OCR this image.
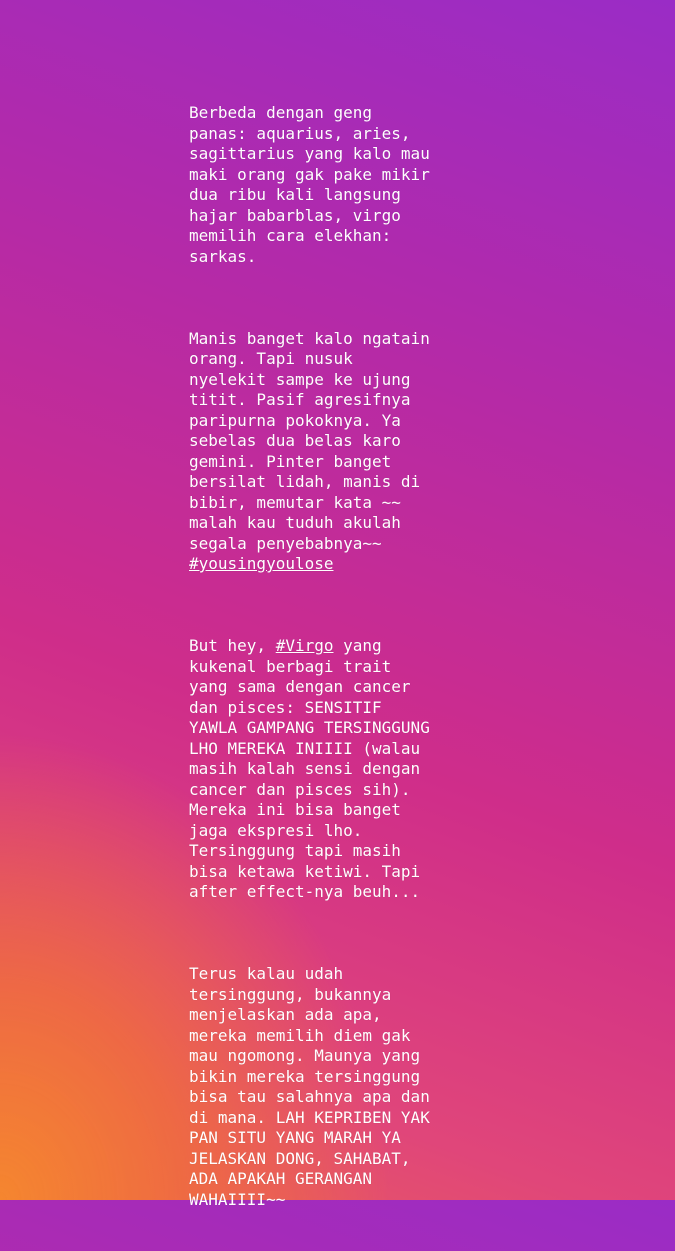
Berbeda dengan geng
panas: aquarius, aries,
sagittarius yang kalo mau
maki orang gak pake mikir
dua ribu kali langsung
hajar babarblas, virgo
memilih cara elekhan:
sarkas.

Manis banget kalo ngatain
orang. Tapi nusuk
nyelekit sampe ke ujung
titit. Pasif agresifnya
paripurna pokoknya. Ya
sebelas dua belas karo
gemini. Pinter banget
bersilat lidah, manis di
bibir, memutar kata ~~
malah kau tuduh akulah
segala penyebabnya~~
#yousingyoulose

But hey, #Virgo yang
kukenal berbagi trait
yang sama dengan cancer
dan pisces: SENSITIF
YAWLA GAMPANG TERSINGGUNG
LHO MEREKA INIIII (walau
masih kalah sensi dengan
cancer dan pisces sih).
Mereka ini bisa banget
jaga ekspresi lho.
Tersinggung tapi masih
bisa ketawa ketiwi. Tapi
after effect-nya beuh...

Terus kalau udah
tersinggung, bukannya
menjelaskan ada apa,
mereka memilih diem gak
mau ngomong. Maunya yang
bikin mereka tersinggung
bisa tau salahnya apa dan
di mana. LAH KEPRIBEN YAK
PAN SITU YANG MARAH YA
JELASKAN DONG, SAHABAT,
ADA APAKAH GERANGAN
WAHAIIII~~
